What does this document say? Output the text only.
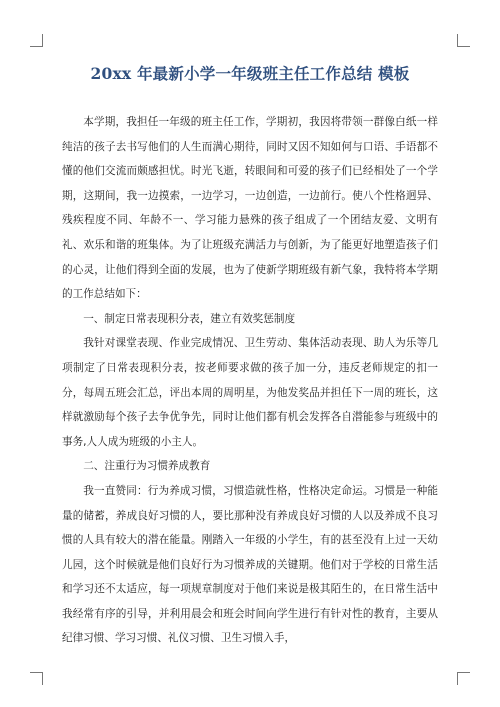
20xx 年最新小学一年级班主任工作总结 模板

本学期，我担任一年级的班主任工作，学期初，我因将带领一群像白纸一样纯洁的孩子去书写他们的人生而满心期待，同时又因不知如何与口语、手语都不懂的他们交流而颇感担忧。时光飞逝，转眼间和可爱的孩子们已经相处了一个学期，这期间，我一边摸索，一边学习，一边创造，一边前行。使八个性格迥异、残疾程度不同、年龄不一、学习能力悬殊的孩子组成了一个团结友爱、文明有礼、欢乐和谐的班集体。为了让班级充满活力与创新，为了能更好地塑造孩子们的心灵，让他们得到全面的发展，也为了使新学期班级有新气象，我特将本学期的工作总结如下：

一、制定日常表现积分表，建立有效奖惩制度

我针对课堂表现、作业完成情况、卫生劳动、集体活动表现、助人为乐等几项制定了日常表现积分表，按老师要求做的孩子加一分，违反老师规定的扣一分，每周五班会汇总，评出本周的周明星，为他发奖品并担任下一周的班长，这样就激励每个孩子去争优争先，同时让他们都有机会发挥各自潜能参与班级中的事务,人人成为班级的小主人。

二、注重行为习惯养成教育

我一直赞同：行为养成习惯，习惯造就性格，性格决定命运。习惯是一种能量的储蓄，养成良好习惯的人，要比那种没有养成良好习惯的人以及养成不良习惯的人具有较大的潜在能量。刚踏入一年级的小学生，有的甚至没有上过一天幼儿园，这个时候就是他们良好行为习惯养成的关键期。他们对于学校的日常生活和学习还不太适应，每一项规章制度对于他们来说是极其陌生的，在日常生活中我经常有序的引导，并利用晨会和班会时间向学生进行有针对性的教育，主要从纪律习惯、学习习惯、礼仪习惯、卫生习惯入手，
